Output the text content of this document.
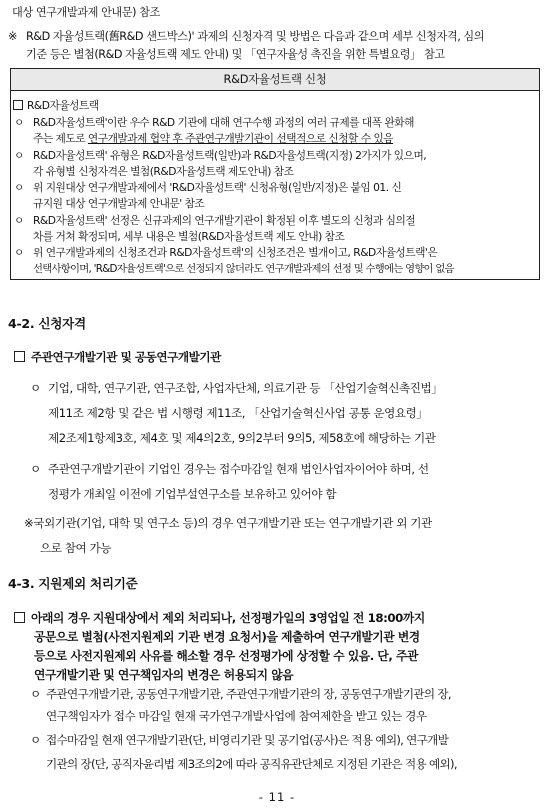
대상 연구개발과제 안내문) 참조
※ R&D 자율성트랙(舊R&D 샌드박스)' 과제의 신청자격 및 방법은 다음과 같으며 세부 신청자격, 심의
기준 등은 별첨(R&D 자율성트랙 제도 안내) 및 「연구자율성 촉진을 위한 특별요령」 참고
R&D자율성트랙 신청
R&D자율성트랙
ㅇ R&D자율성트랙'이란 우수 R&D 기관에 대해 연구수행 과정의 여러 규제를 대폭 완화해
주는 제도로 연구개발과제 협약 후 주관연구개발기관이 선택적으로 신청할 수 있음
ㅇ R&D자율성트랙' 유형은 R&D자율성트랙(일반)과 R&D자율성트랙(지정) 2가지가 있으며,
각 유형별 신청자격은 별첨(R&D자율성트랙 제도안내) 참조
ㅇ 위 지원대상 연구개발과제에서 'R&D자율성트랙' 신청유형(일반/지정)은 붙임 01. 신
규지원 대상 연구개발과제 안내문' 참조
ㅇ R&D자율성트랙' 선정은 신규과제의 연구개발기관이 확정된 이후 별도의 신청과 심의절
차를 거쳐 확정되며, 세부 내용은 별첨(R&D자율성트랙 제도 안내) 참조
ㅇ 위 연구개발과제의 신청조건과 R&D자율성트랙'의 신청조건은 별개이고, R&D자율성트랙'은
선택사항이며, 'R&D자율성트랙'으로 선정되지 않더라도 연구개발과제의 선정 및 수행에는 영향이 없음
4-2. 신청자격
주관연구개발기관 및 공동연구개발기관
ㅇ 기업, 대학, 연구기관, 연구조합, 사업자단체, 의료기관 등 「산업기술혁신촉진법」
제11조 제2항 및 같은 법 시행령 제11조, 「산업기술혁신사업 공통 운영요령」
제2조제1항제3호, 제4호 및 제4의2호, 9의2부터 9의5, 제58호에 해당하는 기관
ㅇ 주관연구개발기관이 기업인 경우는 접수마감일 현재 법인사업자이어야 하며, 선
정평가 개최일 이전에 기업부설연구소를 보유하고 있어야 함
※국외기관(기업, 대학 및 연구소 등)의 경우 연구개발기관 또는 연구개발기관 외 기관
으로 참여 가능
4-3. 지원제외 처리기준
아래의 경우 지원대상에서 제외 처리되나, 선정평가일의 3영업일 전 18:00까지
공문으로 별첨(사전지원제외 기관 변경 요청서)을 제출하여 연구개발기관 변경
등으로 사전지원제외 사유를 해소할 경우 선정평가에 상정할 수 있음. 단, 주관
연구개발기관 및 연구책임자의 변경은 허용되지 않음
ㅇ 주관연구개발기관, 공동연구개발기관, 주관연구개발기관의 장, 공동연구개발기관의 장,
연구책임자가 접수 마감일 현재 국가연구개발사업에 참여제한을 받고 있는 경우
ㅇ 접수마감일 현재 연구개발기관(단, 비영리기관 및 공기업(공사)은 적용 예외), 연구개발
기관의 장(단, 공직자윤리법 제3조의2에 따라 공직유관단체로 지정된 기관은 적용 예외),
- 11 -
